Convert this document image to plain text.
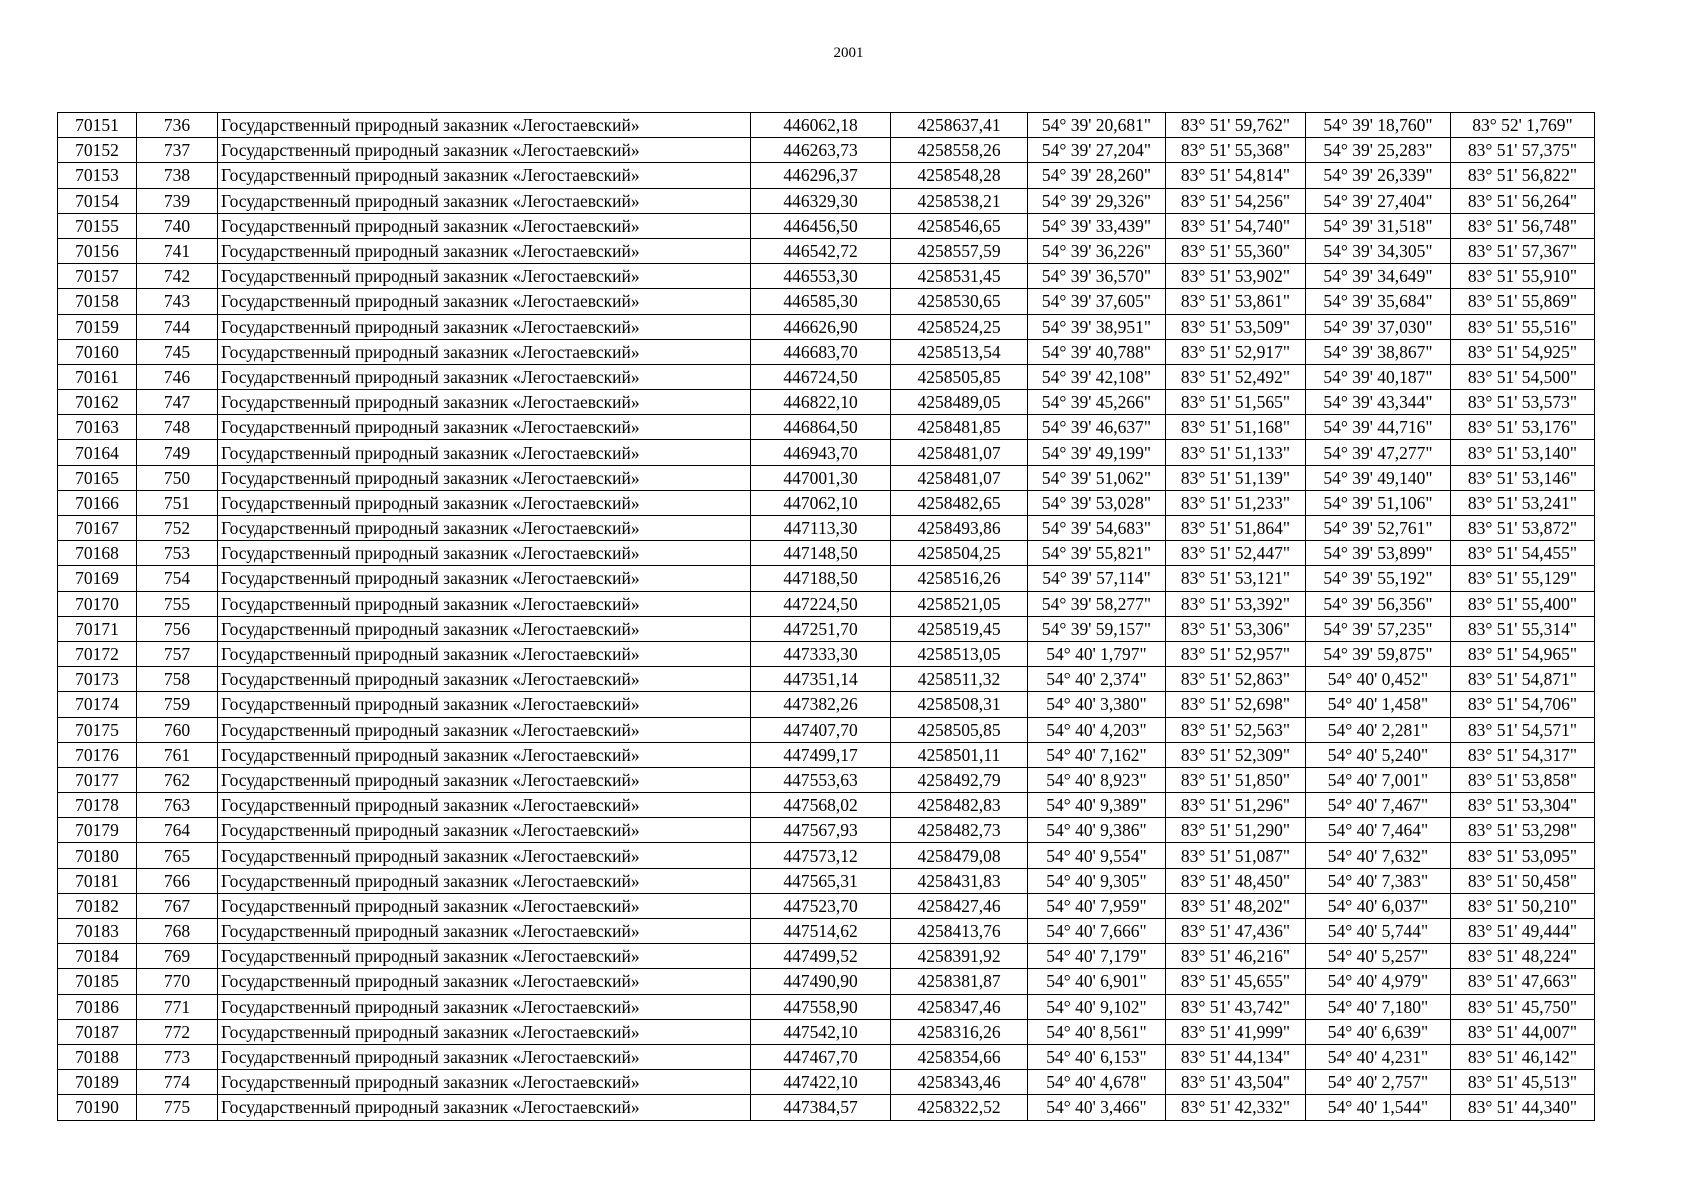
2001
70151	736	Государственный природный заказник «Легостаевский»	446062,18	4258637,41	54° 39' 20,681"	83° 51' 59,762"	54° 39' 18,760"	83° 52' 1,769"
70152	737	Государственный природный заказник «Легостаевский»	446263,73	4258558,26	54° 39' 27,204"	83° 51' 55,368"	54° 39' 25,283"	83° 51' 57,375"
70153	738	Государственный природный заказник «Легостаевский»	446296,37	4258548,28	54° 39' 28,260"	83° 51' 54,814"	54° 39' 26,339"	83° 51' 56,822"
70154	739	Государственный природный заказник «Легостаевский»	446329,30	4258538,21	54° 39' 29,326"	83° 51' 54,256"	54° 39' 27,404"	83° 51' 56,264"
70155	740	Государственный природный заказник «Легостаевский»	446456,50	4258546,65	54° 39' 33,439"	83° 51' 54,740"	54° 39' 31,518"	83° 51' 56,748"
70156	741	Государственный природный заказник «Легостаевский»	446542,72	4258557,59	54° 39' 36,226"	83° 51' 55,360"	54° 39' 34,305"	83° 51' 57,367"
70157	742	Государственный природный заказник «Легостаевский»	446553,30	4258531,45	54° 39' 36,570"	83° 51' 53,902"	54° 39' 34,649"	83° 51' 55,910"
70158	743	Государственный природный заказник «Легостаевский»	446585,30	4258530,65	54° 39' 37,605"	83° 51' 53,861"	54° 39' 35,684"	83° 51' 55,869"
70159	744	Государственный природный заказник «Легостаевский»	446626,90	4258524,25	54° 39' 38,951"	83° 51' 53,509"	54° 39' 37,030"	83° 51' 55,516"
70160	745	Государственный природный заказник «Легостаевский»	446683,70	4258513,54	54° 39' 40,788"	83° 51' 52,917"	54° 39' 38,867"	83° 51' 54,925"
70161	746	Государственный природный заказник «Легостаевский»	446724,50	4258505,85	54° 39' 42,108"	83° 51' 52,492"	54° 39' 40,187"	83° 51' 54,500"
70162	747	Государственный природный заказник «Легостаевский»	446822,10	4258489,05	54° 39' 45,266"	83° 51' 51,565"	54° 39' 43,344"	83° 51' 53,573"
70163	748	Государственный природный заказник «Легостаевский»	446864,50	4258481,85	54° 39' 46,637"	83° 51' 51,168"	54° 39' 44,716"	83° 51' 53,176"
70164	749	Государственный природный заказник «Легостаевский»	446943,70	4258481,07	54° 39' 49,199"	83° 51' 51,133"	54° 39' 47,277"	83° 51' 53,140"
70165	750	Государственный природный заказник «Легостаевский»	447001,30	4258481,07	54° 39' 51,062"	83° 51' 51,139"	54° 39' 49,140"	83° 51' 53,146"
70166	751	Государственный природный заказник «Легостаевский»	447062,10	4258482,65	54° 39' 53,028"	83° 51' 51,233"	54° 39' 51,106"	83° 51' 53,241"
70167	752	Государственный природный заказник «Легостаевский»	447113,30	4258493,86	54° 39' 54,683"	83° 51' 51,864"	54° 39' 52,761"	83° 51' 53,872"
70168	753	Государственный природный заказник «Легостаевский»	447148,50	4258504,25	54° 39' 55,821"	83° 51' 52,447"	54° 39' 53,899"	83° 51' 54,455"
70169	754	Государственный природный заказник «Легостаевский»	447188,50	4258516,26	54° 39' 57,114"	83° 51' 53,121"	54° 39' 55,192"	83° 51' 55,129"
70170	755	Государственный природный заказник «Легостаевский»	447224,50	4258521,05	54° 39' 58,277"	83° 51' 53,392"	54° 39' 56,356"	83° 51' 55,400"
70171	756	Государственный природный заказник «Легостаевский»	447251,70	4258519,45	54° 39' 59,157"	83° 51' 53,306"	54° 39' 57,235"	83° 51' 55,314"
70172	757	Государственный природный заказник «Легостаевский»	447333,30	4258513,05	54° 40' 1,797"	83° 51' 52,957"	54° 39' 59,875"	83° 51' 54,965"
70173	758	Государственный природный заказник «Легостаевский»	447351,14	4258511,32	54° 40' 2,374"	83° 51' 52,863"	54° 40' 0,452"	83° 51' 54,871"
70174	759	Государственный природный заказник «Легостаевский»	447382,26	4258508,31	54° 40' 3,380"	83° 51' 52,698"	54° 40' 1,458"	83° 51' 54,706"
70175	760	Государственный природный заказник «Легостаевский»	447407,70	4258505,85	54° 40' 4,203"	83° 51' 52,563"	54° 40' 2,281"	83° 51' 54,571"
70176	761	Государственный природный заказник «Легостаевский»	447499,17	4258501,11	54° 40' 7,162"	83° 51' 52,309"	54° 40' 5,240"	83° 51' 54,317"
70177	762	Государственный природный заказник «Легостаевский»	447553,63	4258492,79	54° 40' 8,923"	83° 51' 51,850"	54° 40' 7,001"	83° 51' 53,858"
70178	763	Государственный природный заказник «Легостаевский»	447568,02	4258482,83	54° 40' 9,389"	83° 51' 51,296"	54° 40' 7,467"	83° 51' 53,304"
70179	764	Государственный природный заказник «Легостаевский»	447567,93	4258482,73	54° 40' 9,386"	83° 51' 51,290"	54° 40' 7,464"	83° 51' 53,298"
70180	765	Государственный природный заказник «Легостаевский»	447573,12	4258479,08	54° 40' 9,554"	83° 51' 51,087"	54° 40' 7,632"	83° 51' 53,095"
70181	766	Государственный природный заказник «Легостаевский»	447565,31	4258431,83	54° 40' 9,305"	83° 51' 48,450"	54° 40' 7,383"	83° 51' 50,458"
70182	767	Государственный природный заказник «Легостаевский»	447523,70	4258427,46	54° 40' 7,959"	83° 51' 48,202"	54° 40' 6,037"	83° 51' 50,210"
70183	768	Государственный природный заказник «Легостаевский»	447514,62	4258413,76	54° 40' 7,666"	83° 51' 47,436"	54° 40' 5,744"	83° 51' 49,444"
70184	769	Государственный природный заказник «Легостаевский»	447499,52	4258391,92	54° 40' 7,179"	83° 51' 46,216"	54° 40' 5,257"	83° 51' 48,224"
70185	770	Государственный природный заказник «Легостаевский»	447490,90	4258381,87	54° 40' 6,901"	83° 51' 45,655"	54° 40' 4,979"	83° 51' 47,663"
70186	771	Государственный природный заказник «Легостаевский»	447558,90	4258347,46	54° 40' 9,102"	83° 51' 43,742"	54° 40' 7,180"	83° 51' 45,750"
70187	772	Государственный природный заказник «Легостаевский»	447542,10	4258316,26	54° 40' 8,561"	83° 51' 41,999"	54° 40' 6,639"	83° 51' 44,007"
70188	773	Государственный природный заказник «Легостаевский»	447467,70	4258354,66	54° 40' 6,153"	83° 51' 44,134"	54° 40' 4,231"	83° 51' 46,142"
70189	774	Государственный природный заказник «Легостаевский»	447422,10	4258343,46	54° 40' 4,678"	83° 51' 43,504"	54° 40' 2,757"	83° 51' 45,513"
70190	775	Государственный природный заказник «Легостаевский»	447384,57	4258322,52	54° 40' 3,466"	83° 51' 42,332"	54° 40' 1,544"	83° 51' 44,340"
